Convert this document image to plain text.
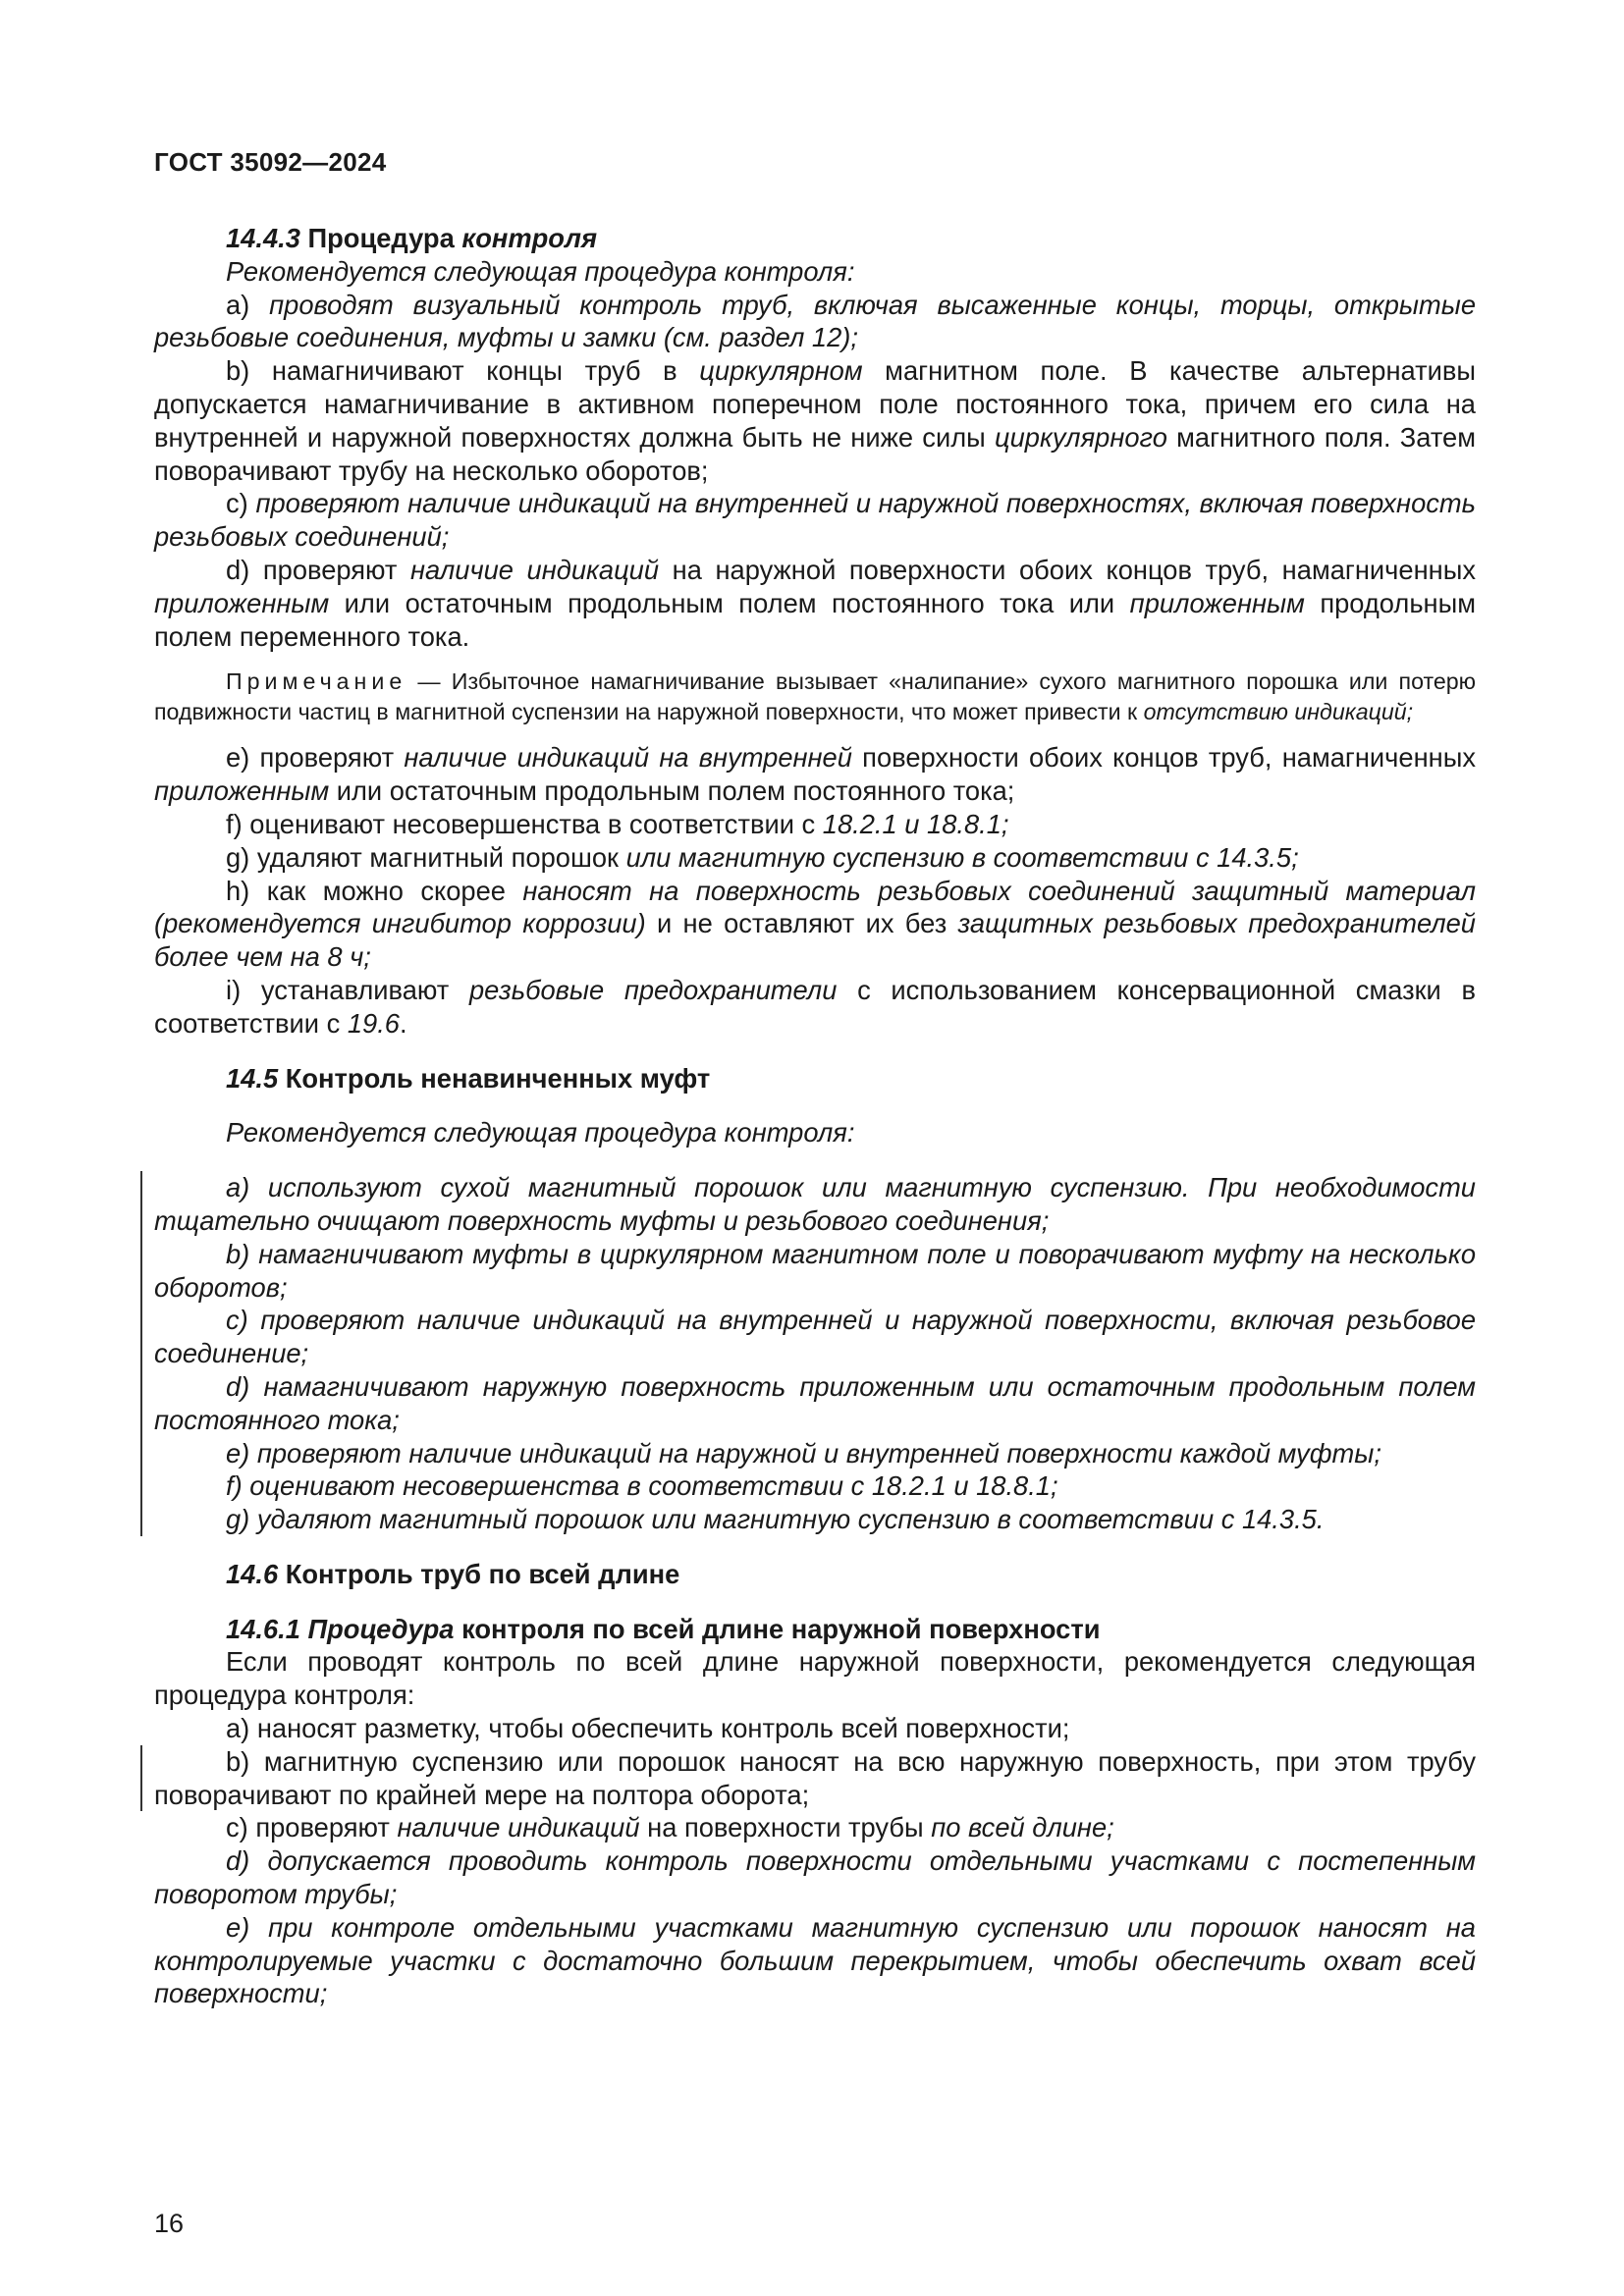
ГОСТ 35092—2024

14.4.3 Процедура контроля

Рекомендуется следующая процедура контроля:

а) проводят визуальный контроль труб, включая высаженные концы, торцы, открытые резьбовые соединения, муфты и замки (см. раздел 12);

b) намагничивают концы труб в циркулярном магнитном поле. В качестве альтернативы допускается намагничивание в активном поперечном поле постоянного тока, причем его сила на внутренней и наружной поверхностях должна быть не ниже силы циркулярного магнитного поля. Затем поворачивают трубу на несколько оборотов;

с) проверяют наличие индикаций на внутренней и наружной поверхностях, включая поверхность резьбовых соединений;

d) проверяют наличие индикаций на наружной поверхности обоих концов труб, намагниченных приложенным или остаточным продольным полем постоянного тока или приложенным продольным полем переменного тока.

Примечание — Избыточное намагничивание вызывает «налипание» сухого магнитного порошка или потерю подвижности частиц в магнитной суспензии на наружной поверхности, что может привести к отсутствию индикаций;

е) проверяют наличие индикаций на внутренней поверхности обоих концов труб, намагниченных приложенным или остаточным продольным полем постоянного тока;

f) оценивают несовершенства в соответствии с 18.2.1 и 18.8.1;

g) удаляют магнитный порошок или магнитную суспензию в соответствии с 14.3.5;

h) как можно скорее наносят на поверхность резьбовых соединений защитный материал (рекомендуется ингибитор коррозии) и не оставляют их без защитных резьбовых предохранителей более чем на 8 ч;

i) устанавливают резьбовые предохранители с использованием консервационной смазки в соответствии с 19.6.

14.5 Контроль ненавинченных муфт

Рекомендуется следующая процедура контроля:

а) используют сухой магнитный порошок или магнитную суспензию. При необходимости тщательно очищают поверхность муфты и резьбового соединения;

b) намагничивают муфты в циркулярном магнитном поле и поворачивают муфту на несколько оборотов;

с) проверяют наличие индикаций на внутренней и наружной поверхности, включая резьбовое соединение;

d) намагничивают наружную поверхность приложенным или остаточным продольным полем постоянного тока;

е) проверяют наличие индикаций на наружной и внутренней поверхности каждой муфты;

f) оценивают несовершенства в соответствии с 18.2.1 и 18.8.1;

g) удаляют магнитный порошок или магнитную суспензию в соответствии с 14.3.5.

14.6 Контроль труб по всей длине

14.6.1 Процедура контроля по всей длине наружной поверхности

Если проводят контроль по всей длине наружной поверхности, рекомендуется следующая процедура контроля:

а) наносят разметку, чтобы обеспечить контроль всей поверхности;

b) магнитную суспензию или порошок наносят на всю наружную поверхность, при этом трубу поворачивают по крайней мере на полтора оборота;

с) проверяют наличие индикаций на поверхности трубы по всей длине;

d) допускается проводить контроль поверхности отдельными участками с постепенным поворотом трубы;

е) при контроле отдельными участками магнитную суспензию или порошок наносят на контролируемые участки с достаточно большим перекрытием, чтобы обеспечить охват всей поверхности;

16
